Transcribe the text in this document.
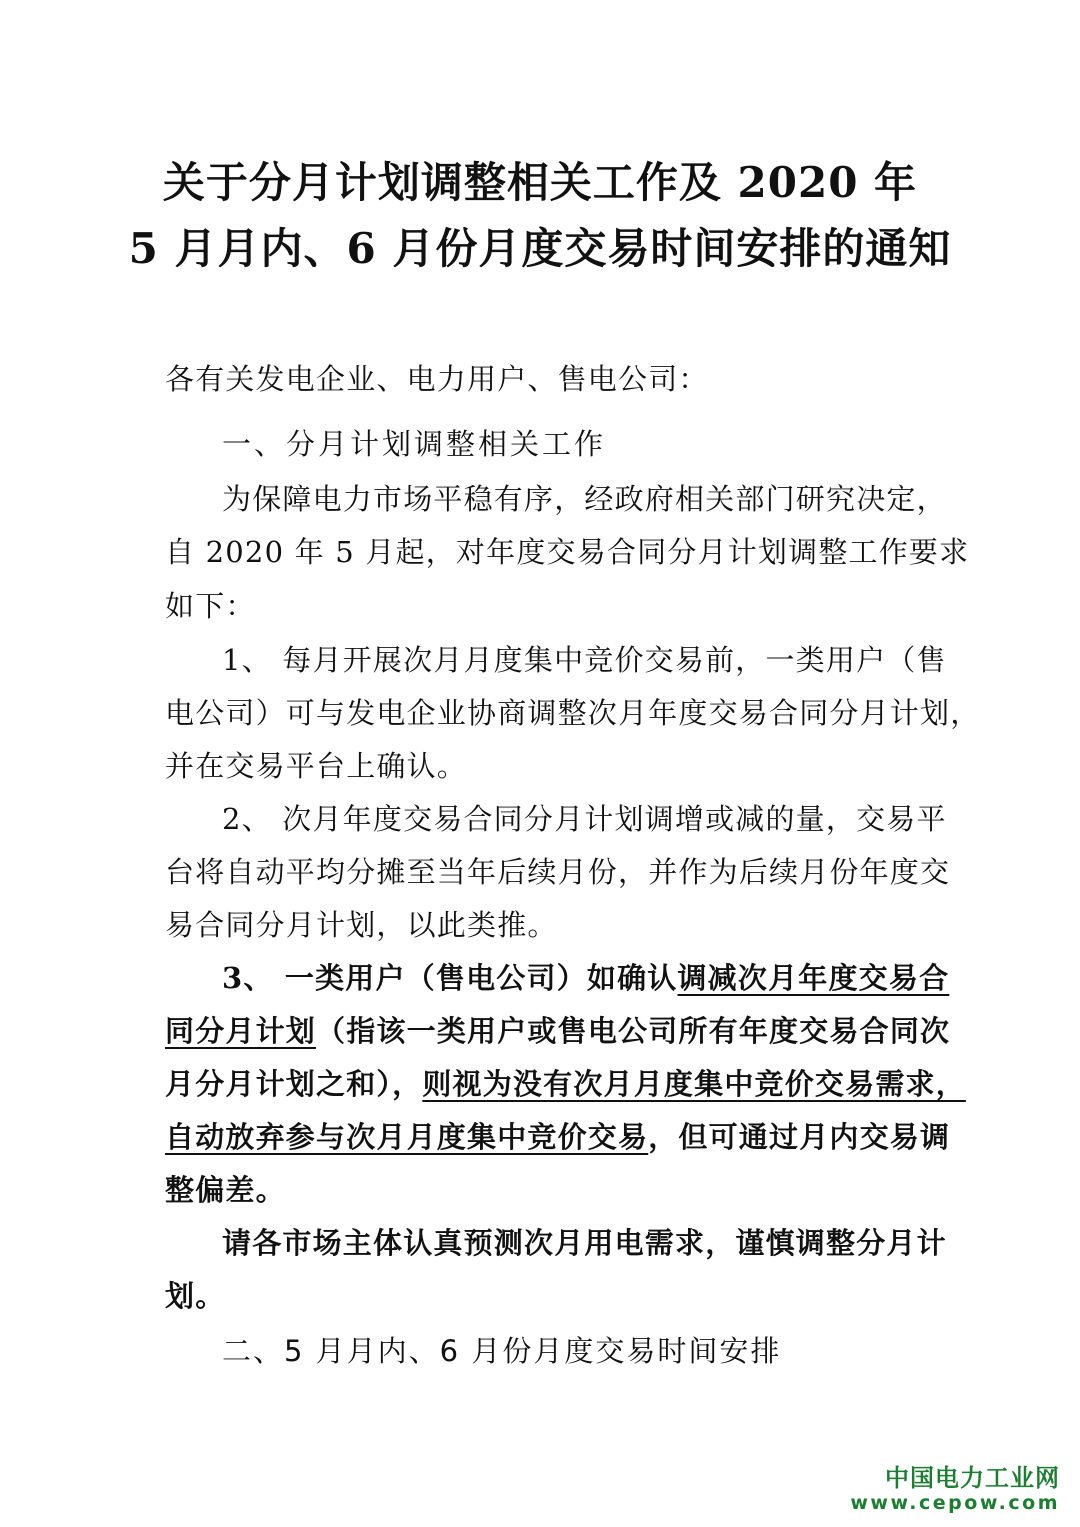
关于分月计划调整相关工作及 2020 年
5 月月内、6 月份月度交易时间安排的通知
各有关发电企业、电力用户、售电公司：
一、分月计划调整相关工作
为保障电力市场平稳有序，经政府相关部门研究决定，
自 2020 年 5 月起，对年度交易合同分月计划调整工作要求
如下：
1、 每月开展次月月度集中竞价交易前，一类用户（售
电公司）可与发电企业协商调整次月年度交易合同分月计划，
并在交易平台上确认。
2、 次月年度交易合同分月计划调增或减的量，交易平
台将自动平均分摊至当年后续月份，并作为后续月份年度交
易合同分月计划，以此类推。
3、 一类用户（售电公司）如确认调减次月年度交易合
同分月计划（指该一类用户或售电公司所有年度交易合同次
月分月计划之和），则视为没有次月月度集中竞价交易需求，
自动放弃参与次月月度集中竞价交易，但可通过月内交易调
整偏差。
请各市场主体认真预测次月用电需求，谨慎调整分月计
划。
二、5 月月内、6 月份月度交易时间安排
中国电力工业网
www.cepow.com
